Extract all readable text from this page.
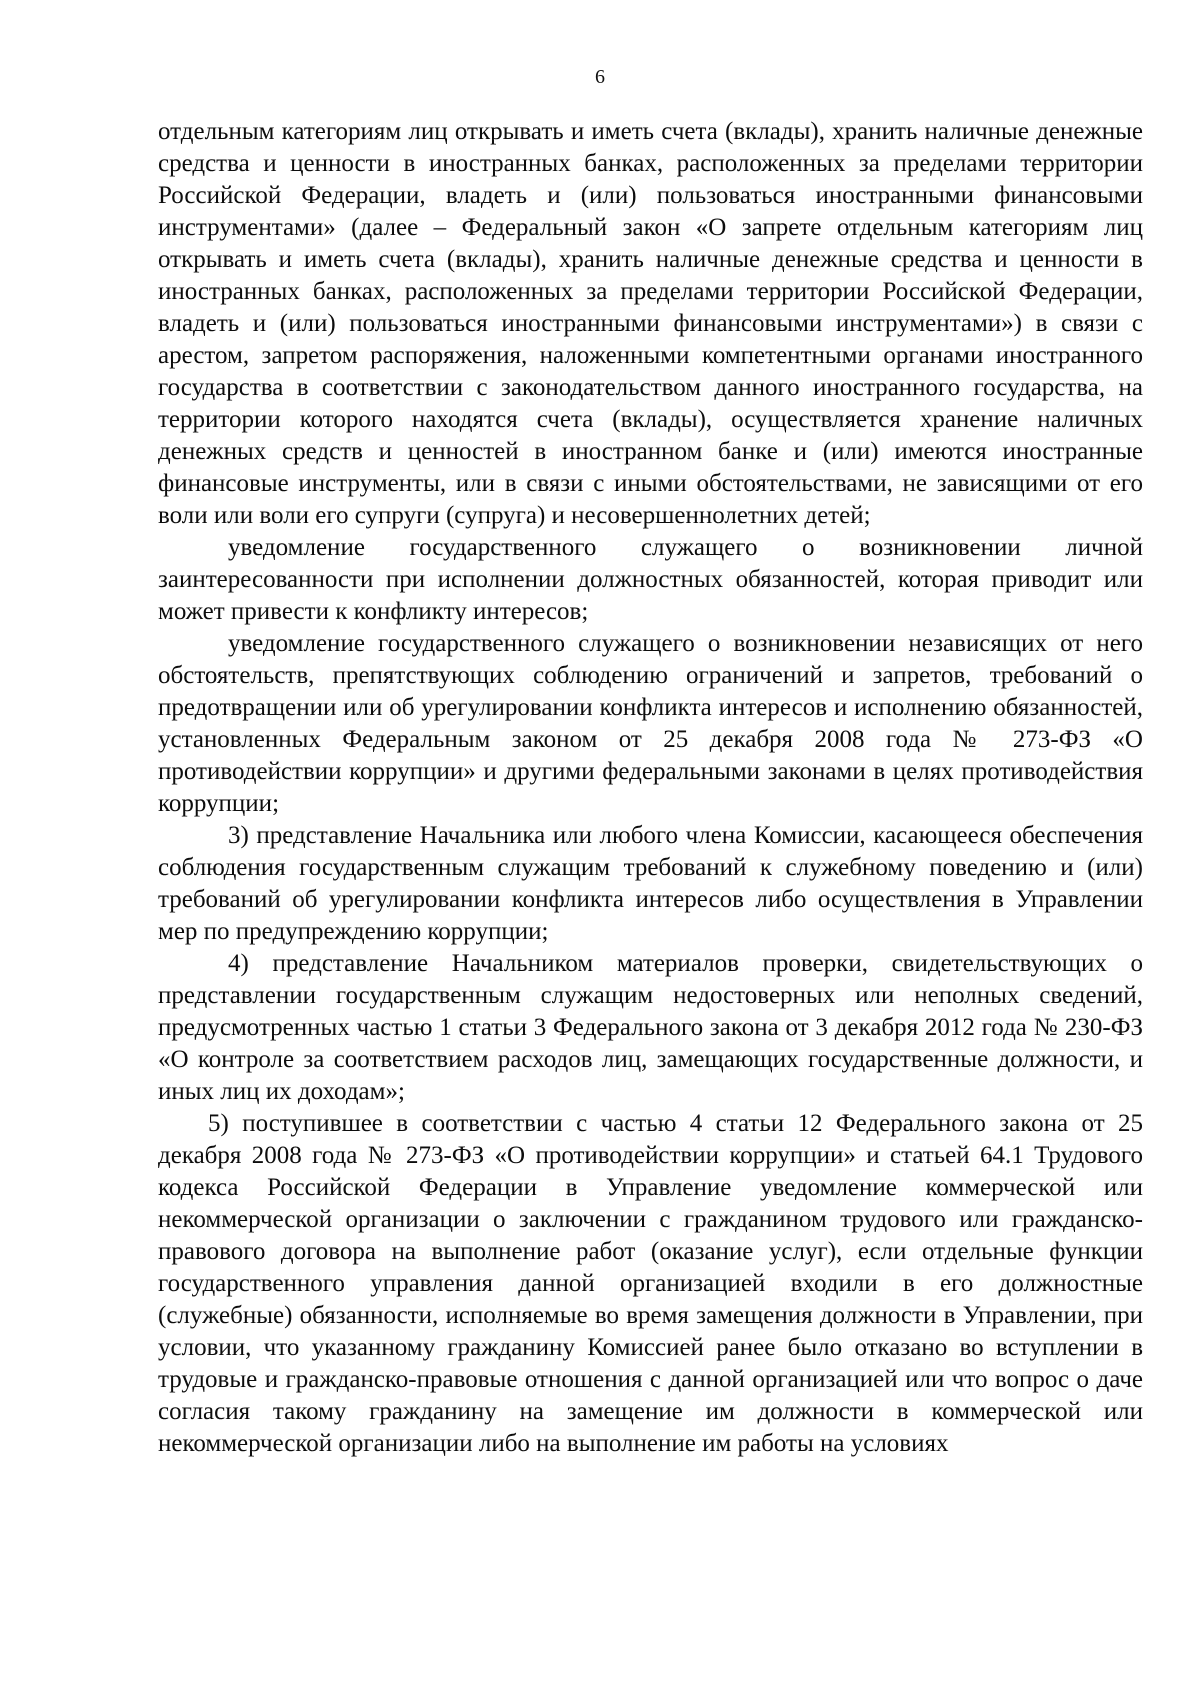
6

отдельным категориям лиц открывать и иметь счета (вклады), хранить наличные денежные средства и ценности в иностранных банках, расположенных за пределами территории Российской Федерации, владеть и (или) пользоваться иностранными финансовыми инструментами» (далее – Федеральный закон «О запрете отдельным категориям лиц открывать и иметь счета (вклады), хранить наличные денежные средства и ценности в иностранных банках, расположенных за пределами территории Российской Федерации, владеть и (или) пользоваться иностранными финансовыми инструментами») в связи с арестом, запретом распоряжения, наложенными компетентными органами иностранного государства в соответствии с законодательством данного иностранного государства, на территории которого находятся счета (вклады), осуществляется хранение наличных денежных средств и ценностей в иностранном банке и (или) имеются иностранные финансовые инструменты, или в связи с иными обстоятельствами, не зависящими от его воли или воли его супруги (супруга) и несовершеннолетних детей;

уведомление государственного служащего о возникновении личной заинтересованности при исполнении должностных обязанностей, которая приводит или может привести к конфликту интересов;

уведомление государственного служащего о возникновении независящих от него обстоятельств, препятствующих соблюдению ограничений и запретов, требований о предотвращении или об урегулировании конфликта интересов и исполнению обязанностей, установленных Федеральным законом от 25 декабря 2008 года № 273-ФЗ «О противодействии коррупции» и другими федеральными законами в целях противодействия коррупции;

3) представление Начальника или любого члена Комиссии, касающееся обеспечения соблюдения государственным служащим требований к служебному поведению и (или) требований об урегулировании конфликта интересов либо осуществления в Управлении мер по предупреждению коррупции;

4) представление Начальником материалов проверки, свидетельствующих о представлении государственным служащим недостоверных или неполных сведений, предусмотренных частью 1 статьи 3 Федерального закона от 3 декабря 2012 года № 230-ФЗ «О контроле за соответствием расходов лиц, замещающих государственные должности, и иных лиц их доходам»;

5) поступившее в соответствии с частью 4 статьи 12 Федерального закона от 25 декабря 2008 года № 273-ФЗ «О противодействии коррупции» и статьей 64.1 Трудового кодекса Российской Федерации в Управление уведомление коммерческой или некоммерческой организации о заключении с гражданином трудового или гражданско-правового договора на выполнение работ (оказание услуг), если отдельные функции государственного управления данной организацией входили в его должностные (служебные) обязанности, исполняемые во время замещения должности в Управлении, при условии, что указанному гражданину Комиссией ранее было отказано во вступлении в трудовые и гражданско-правовые отношения с данной организацией или что вопрос о даче согласия такому гражданину на замещение им должности в коммерческой или некоммерческой организации либо на выполнение им работы на условиях
